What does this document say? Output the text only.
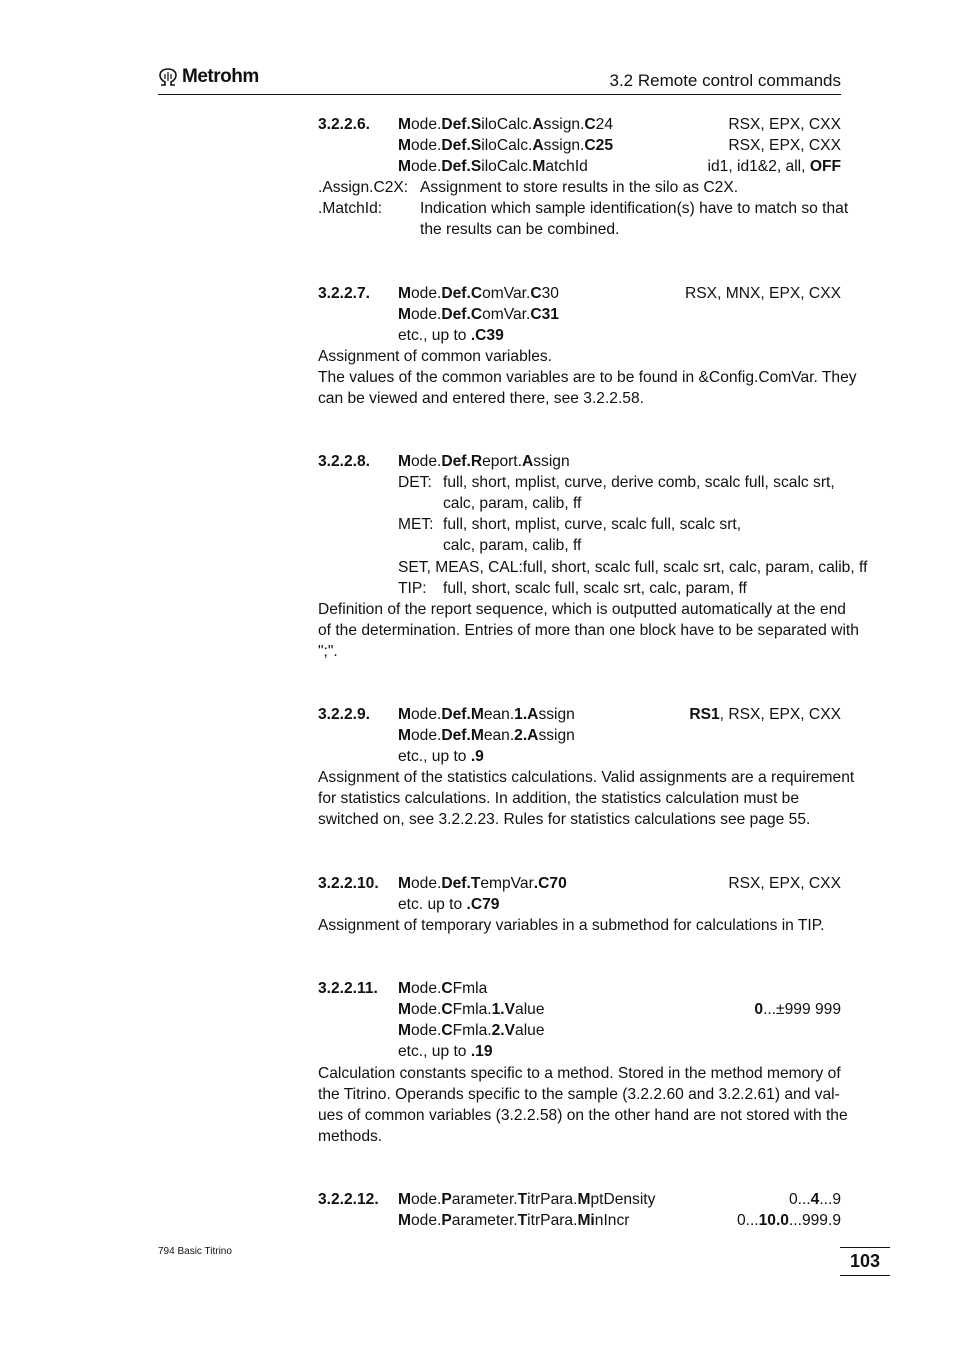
Metrohm	3.2 Remote control commands
3.2.2.6. Mode.Def.SiloCalc.Assign.C24	RSX, EPX, CXX
Mode.Def.SiloCalc.Assign.C25	RSX, EPX, CXX
Mode.Def.SiloCalc.MatchId	id1, id1&2, all, OFF
.Assign.C2X: Assignment to store results in the silo as C2X.
.MatchId: Indication which sample identification(s) have to match so that
the results can be combined.
3.2.2.7. Mode.Def.ComVar.C30	RSX, MNX, EPX, CXX
Mode.Def.ComVar.C31
etc., up to .C39
Assignment of common variables.
The values of the common variables are to be found in &Config.ComVar. They
can be viewed and entered there, see 3.2.2.58.
3.2.2.8. Mode.Def.Report.Assign
DET: full, short, mplist, curve, derive comb, scalc full, scalc srt,
calc, param, calib, ff
MET: full, short, mplist, curve, scalc full, scalc srt,
calc, param, calib, ff
SET, MEAS, CAL:full, short, scalc full, scalc srt, calc, param, calib, ff
TIP: full, short, scalc full, scalc srt, calc, param, ff
Definition of the report sequence, which is outputted automatically at the end
of the determination. Entries of more than one block have to be separated with
";".
3.2.2.9. Mode.Def.Mean.1.Assign	RS1, RSX, EPX, CXX
Mode.Def.Mean.2.Assign
etc., up to .9
Assignment of the statistics calculations. Valid assignments are a requirement
for statistics calculations. In addition, the statistics calculation must be
switched on, see 3.2.2.23. Rules for statistics calculations see page 55.
3.2.2.10. Mode.Def.TempVar.C70	RSX, EPX, CXX
etc. up to .C79
Assignment of temporary variables in a submethod for calculations in TIP.
3.2.2.11. Mode.CFmla
Mode.CFmla.1.Value	0...±999 999
Mode.CFmla.2.Value
etc., up to .19
Calculation constants specific to a method. Stored in the method memory of
the Titrino. Operands specific to the sample (3.2.2.60 and 3.2.2.61) and val-
ues of common variables (3.2.2.58) on the other hand are not stored with the
methods.
3.2.2.12. Mode.Parameter.TitrPara.MptDensity	0...4...9
Mode.Parameter.TitrPara.MinIncr	0...10.0...999.9
794 Basic Titrino	103
